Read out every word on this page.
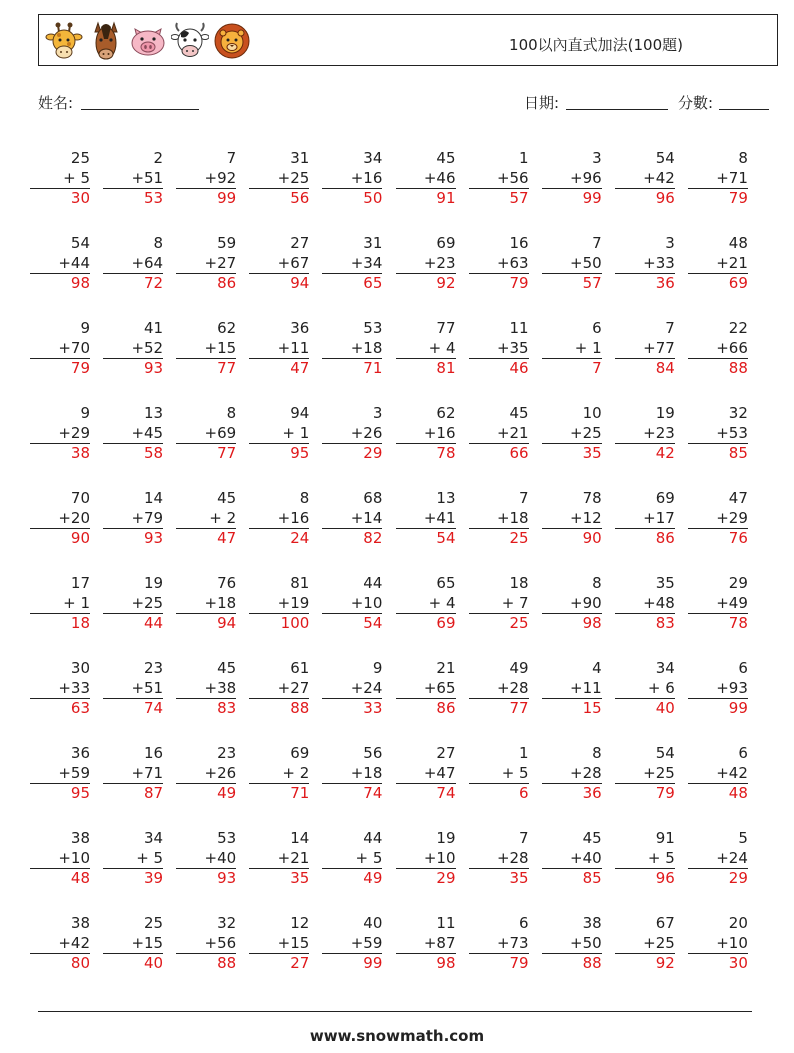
100以內直式加法(100題)
姓名:	日期:	分數:
25
+ 5
30
2
+51
53
7
+92
99
31
+25
56
34
+16
50
45
+46
91
1
+56
57
3
+96
99
54
+42
96
8
+71
79
54
+44
98
8
+64
72
59
+27
86
27
+67
94
31
+34
65
69
+23
92
16
+63
79
7
+50
57
3
+33
36
48
+21
69
9
+70
79
41
+52
93
62
+15
77
36
+11
47
53
+18
71
77
+ 4
81
11
+35
46
6
+ 1
7
7
+77
84
22
+66
88
9
+29
38
13
+45
58
8
+69
77
94
+ 1
95
3
+26
29
62
+16
78
45
+21
66
10
+25
35
19
+23
42
32
+53
85
70
+20
90
14
+79
93
45
+ 2
47
8
+16
24
68
+14
82
13
+41
54
7
+18
25
78
+12
90
69
+17
86
47
+29
76
17
+ 1
18
19
+25
44
76
+18
94
81
+19
100
44
+10
54
65
+ 4
69
18
+ 7
25
8
+90
98
35
+48
83
29
+49
78
30
+33
63
23
+51
74
45
+38
83
61
+27
88
9
+24
33
21
+65
86
49
+28
77
4
+11
15
34
+ 6
40
6
+93
99
36
+59
95
16
+71
87
23
+26
49
69
+ 2
71
56
+18
74
27
+47
74
1
+ 5
6
8
+28
36
54
+25
79
6
+42
48
38
+10
48
34
+ 5
39
53
+40
93
14
+21
35
44
+ 5
49
19
+10
29
7
+28
35
45
+40
85
91
+ 5
96
5
+24
29
38
+42
80
25
+15
40
32
+56
88
12
+15
27
40
+59
99
11
+87
98
6
+73
79
38
+50
88
67
+25
92
20
+10
30
www.snowmath.com
